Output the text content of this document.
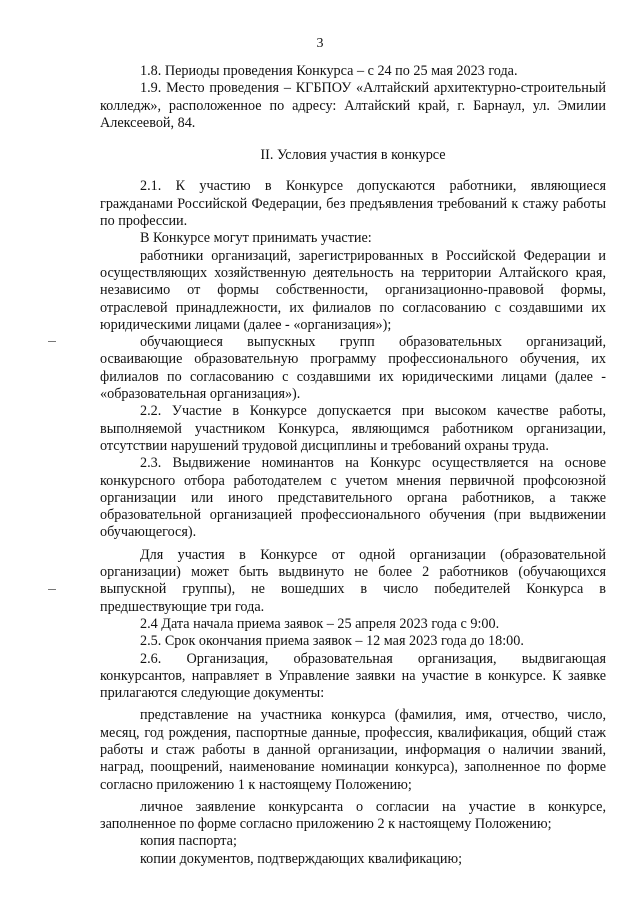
3

1.8. Периоды проведения Конкурса – с 24 по 25 мая 2023 года.

1.9. Место проведения – КГБПОУ «Алтайский архитектурно-строительный колледж», расположенное по адресу: Алтайский край, г. Барнаул, ул. Эмилии Алексеевой, 84.

II. Условия участия в конкурсе

2.1. К участию в Конкурсе допускаются работники, являющиеся гражданами Российской Федерации, без предъявления требований к стажу работы по профессии.

В Конкурсе могут принимать участие:

работники организаций, зарегистрированных в Российской Федерации и осуществляющих хозяйственную деятельность на территории Алтайского края, независимо от формы собственности, организационно-правовой формы, отраслевой принадлежности, их филиалов по согласованию с создавшими их юридическими лицами (далее - «организация»);

обучающиеся выпускных групп образовательных организаций, осваивающие образовательную программу профессионального обучения, их филиалов по согласованию с создавшими их юридическими лицами (далее - «образовательная организация»).

2.2. Участие в Конкурсе допускается при высоком качестве работы, выполняемой участником Конкурса, являющимся работником организации, отсутствии нарушений трудовой дисциплины и требований охраны труда.

2.3. Выдвижение номинантов на Конкурс осуществляется на основе конкурсного отбора работодателем с учетом мнения первичной профсоюзной организации или иного представительного органа работников, а также образовательной организацией профессионального обучения (при выдвижении обучающегося).

Для участия в Конкурсе от одной организации (образовательной организации) может быть выдвинуто не более 2 работников (обучающихся выпускной группы), не вошедших в число победителей Конкурса в предшествующие три года.

2.4 Дата начала приема заявок – 25 апреля 2023 года с 9:00.

2.5. Срок окончания приема заявок – 12 мая 2023 года до 18:00.

2.6. Организация, образовательная организация, выдвигающая конкурсантов, направляет в Управление заявки на участие в конкурсе. К заявке прилагаются следующие документы:

представление на участника конкурса (фамилия, имя, отчество, число, месяц, год рождения, паспортные данные, профессия, квалификация, общий стаж работы и стаж работы в данной организации, информация о наличии званий, наград, поощрений, наименование номинации конкурса), заполненное по форме согласно приложению 1 к настоящему Положению;

личное заявление конкурсанта о согласии на участие в конкурсе, заполненное по форме согласно приложению 2 к настоящему Положению;

копия паспорта;

копии документов, подтверждающих квалификацию;
